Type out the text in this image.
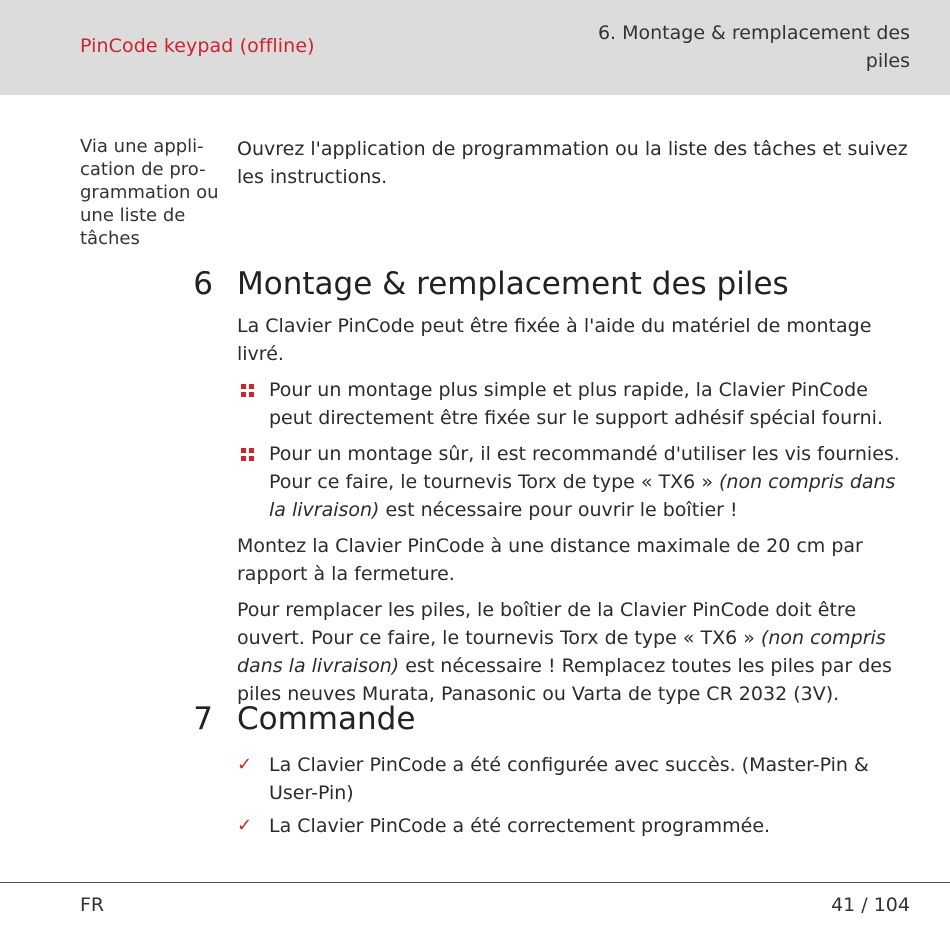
PinCode keypad (offline)
6. Montage & remplacement des piles
Via une appli-cation de pro-grammation ou une liste de tâches
Ouvrez l'application de programmation ou la liste des tâches et suivez les instructions.
6 Montage & remplacement des piles

La Clavier PinCode peut être fixée à l'aide du matériel de montage livré.

Pour un montage plus simple et plus rapide, la Clavier PinCode peut directement être fixée sur le support adhésif spécial fourni.
Pour un montage sûr, il est recommandé d'utiliser les vis fournies. Pour ce faire, le tournevis Torx de type « TX6 » (non compris dans la livraison) est nécessaire pour ouvrir le boîtier !

Montez la Clavier PinCode à une distance maximale de 20 cm par rapport à la fermeture.

Pour remplacer les piles, le boîtier de la Clavier PinCode doit être ouvert. Pour ce faire, le tournevis Torx de type « TX6 » (non compris dans la livraison) est nécessaire ! Remplacez toutes les piles par des piles neuves Murata, Panasonic ou Varta de type CR 2032 (3V).

7 Commande
✓ La Clavier PinCode a été configurée avec succès. (Master-Pin & User-Pin)
✓ La Clavier PinCode a été correctement programmée.
FR	41 / 104
